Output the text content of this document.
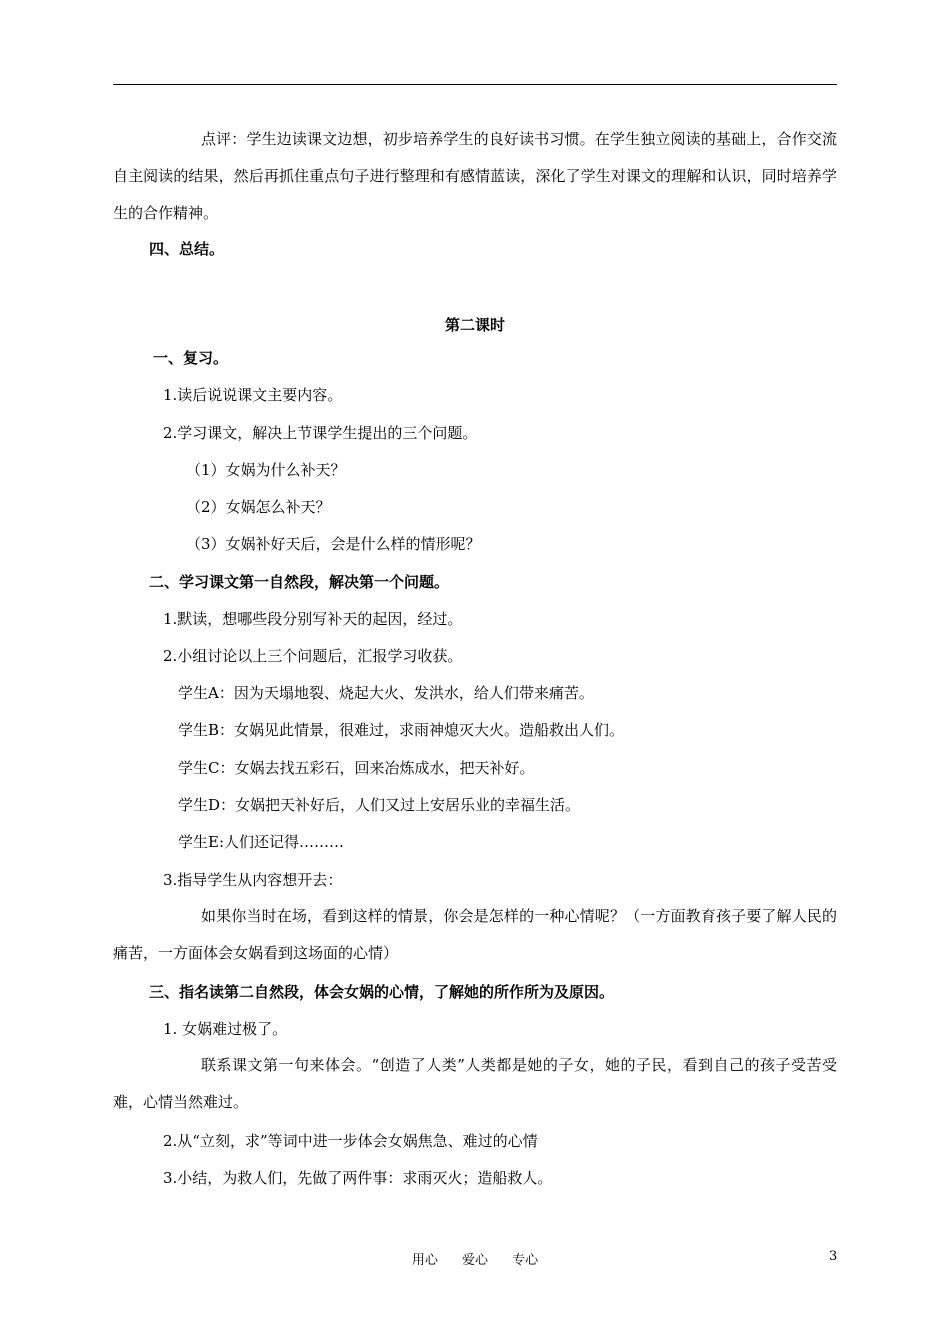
点评：学生边读课文边想，初步培养学生的良好读书习惯。在学生独立阅读的基础上，合作交流自主阅读的结果，然后再抓住重点句子进行整理和有感情蓝读，深化了学生对课文的理解和认识，同时培养学生的合作精神。
四、总结。
第二课时
一、复习。
1.读后说说课文主要内容。
2.学习课文，解决上节课学生提出的三个问题。
（1）女娲为什么补天？
（2）女娲怎么补天？
（3）女娲补好天后，会是什么样的情形呢？
二、学习课文第一自然段，解决第一个问题。
1.默读，想哪些段分别写补天的起因，经过。
2.小组讨论以上三个问题后，汇报学习收获。
学生A：因为天塌地裂、烧起大火、发洪水，给人们带来痛苦。
学生B：女娲见此情景，很难过，求雨神熄灭大火。造船救出人们。
学生C：女娲去找五彩石，回来冶炼成水，把天补好。
学生D：女娲把天补好后，人们又过上安居乐业的幸福生活。
学生E:人们还记得………
3.指导学生从内容想开去：
如果你当时在场，看到这样的情景，你会是怎样的一种心情呢？（一方面教育孩子要了解人民的痛苦，一方面体会女娲看到这场面的心情）
三、指名读第二自然段，体会女娲的心情，了解她的所作所为及原因。
1. 女娲难过极了。
联系课文第一句来体会。“创造了人类”人类都是她的子女，她的子民，看到自己的孩子受苦受难，心情当然难过。
2.从“立刻，求”等词中进一步体会女娲焦急、难过的心情
3.小结，为救人们，先做了两件事：求雨灭火；造船救人。
用心 爱心 专心	3
